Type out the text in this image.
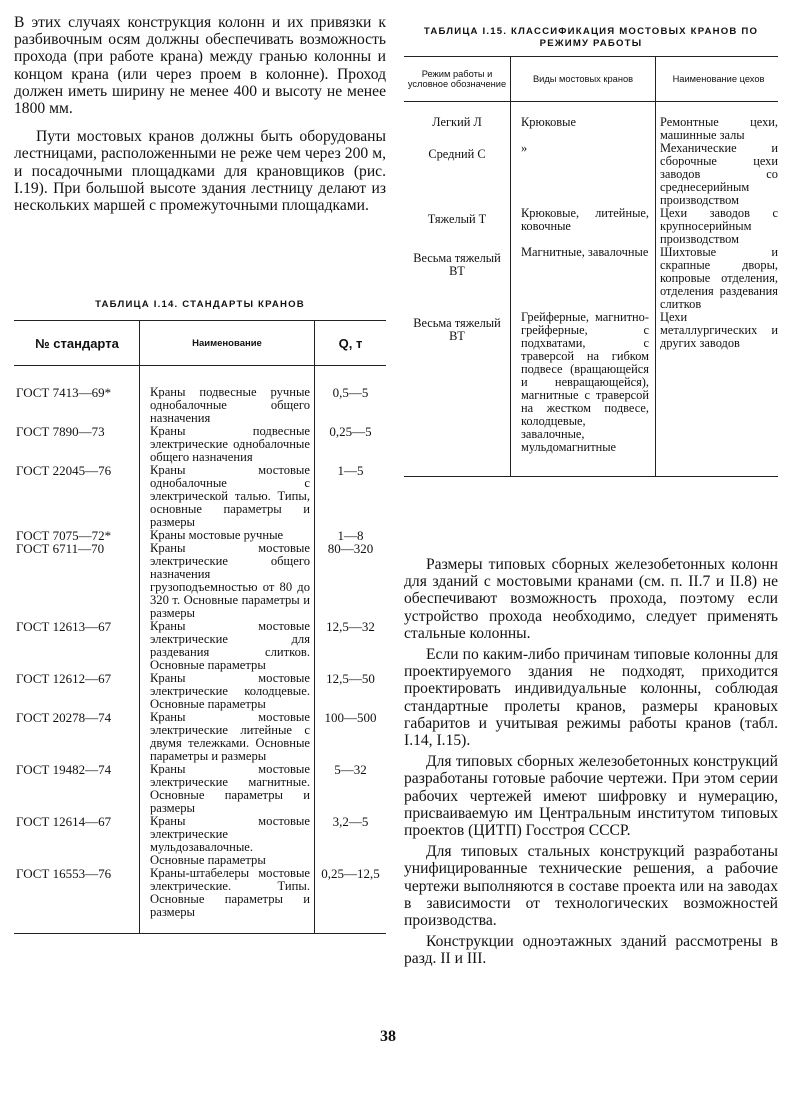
В этих случаях конструкция колонн и их привязки к разбивочным осям должны обеспечивать возможность прохода (при работе крана) между гранью колонны и концом крана (или через проем в колонне). Проход должен иметь ширину не менее 400 и высоту не менее 1800 мм.

Пути мостовых кранов должны быть оборудованы лестницами, расположенными не реже чем через 200 м, и посадочными площадками для крановщиков (рис. I.19). При большой высоте здания лестницу делают из нескольких маршей с промежуточными площадками.

ТАБЛИЦА I.14. СТАНДАРТЫ КРАНОВ
№ стандарта	Наименование	Q, т
ГОСТ 7413—69*	Краны подвесные ручные однобалочные общего назначения	0,5—5
ГОСТ 7890—73	Краны подвесные электрические однобалочные общего назначения	0,25—5
ГОСТ 22045—76	Краны мостовые однобалочные с электрической талью. Типы, основные параметры и размеры	1—5
ГОСТ 7075—72*	Краны мостовые ручные	1—8
ГОСТ 6711—70	Краны мостовые электрические общего назначения грузоподъемностью от 80 до 320 т. Основные параметры и размеры	80—320
ГОСТ 12613—67	Краны мостовые электрические для раздевания слитков. Основные параметры	12,5—32
ГОСТ 12612—67	Краны мостовые электрические колодцевые. Основные параметры	12,5—50
ГОСТ 20278—74	Краны мостовые электрические литейные с двумя тележками. Основные параметры и размеры	100—500
ГОСТ 19482—74	Краны мостовые электрические магнитные. Основные параметры и размеры	5—32
ГОСТ 12614—67	Краны мостовые электрические мульдозавалочные. Основные параметры	3,2—5
ГОСТ 16553—76	Краны-штабелеры мостовые электрические. Типы. Основные параметры и размеры	0,25—12,5
ТАБЛИЦА I.15. КЛАССИФИКАЦИЯ МОСТОВЫХ КРАНОВ ПО РЕЖИМУ РАБОТЫ
Режим работы и условное обозначение	Виды мостовых кранов	Наименование цехов
Легкий Л	Крюковые	Ремонтные цехи, машинные залы
Средний С	»	Механические и сборочные цехи заводов со среднесерийным производством
Тяжелый Т	Крюковые, литейные, ковочные	Цехи заводов с крупносерийным производством
Весьма тяжелый ВТ	Магнитные, завалочные	Шихтовые и скрапные дворы, копровые отделения, отделения раздевания слитков
Весьма тяжелый ВТ	Грейферные, магнитно-грейферные, с подхватами, с траверсой на гибком подвесе (вращающейся и невращающейся), магнитные с траверсой на жестком подвесе, колодцевые, завалочные, мульдомагнитные	Цехи металлургических и других заводов

Размеры типовых сборных железобетонных колонн для зданий с мостовыми кранами (см. п. II.7 и II.8) не обеспечивают возможность прохода, поэтому если устройство прохода необходимо, следует применять стальные колонны.

Если по каким-либо причинам типовые колонны для проектируемого здания не подходят, приходится проектировать индивидуальные колонны, соблюдая стандартные пролеты кранов, размеры крановых габаритов и учитывая режимы работы кранов (табл. I.14, I.15).

Для типовых сборных железобетонных конструкций разработаны готовые рабочие чертежи. При этом серии рабочих чертежей имеют шифровку и нумерацию, присваиваемую им Центральным институтом типовых проектов (ЦИТП) Госстроя СССР.

Для типовых стальных конструкций разработаны унифицированные технические решения, а рабочие чертежи выполняются в составе проекта или на заводах в зависимости от технологических возможностей производства.

Конструкции одноэтажных зданий рассмотрены в разд. II и III.

38
